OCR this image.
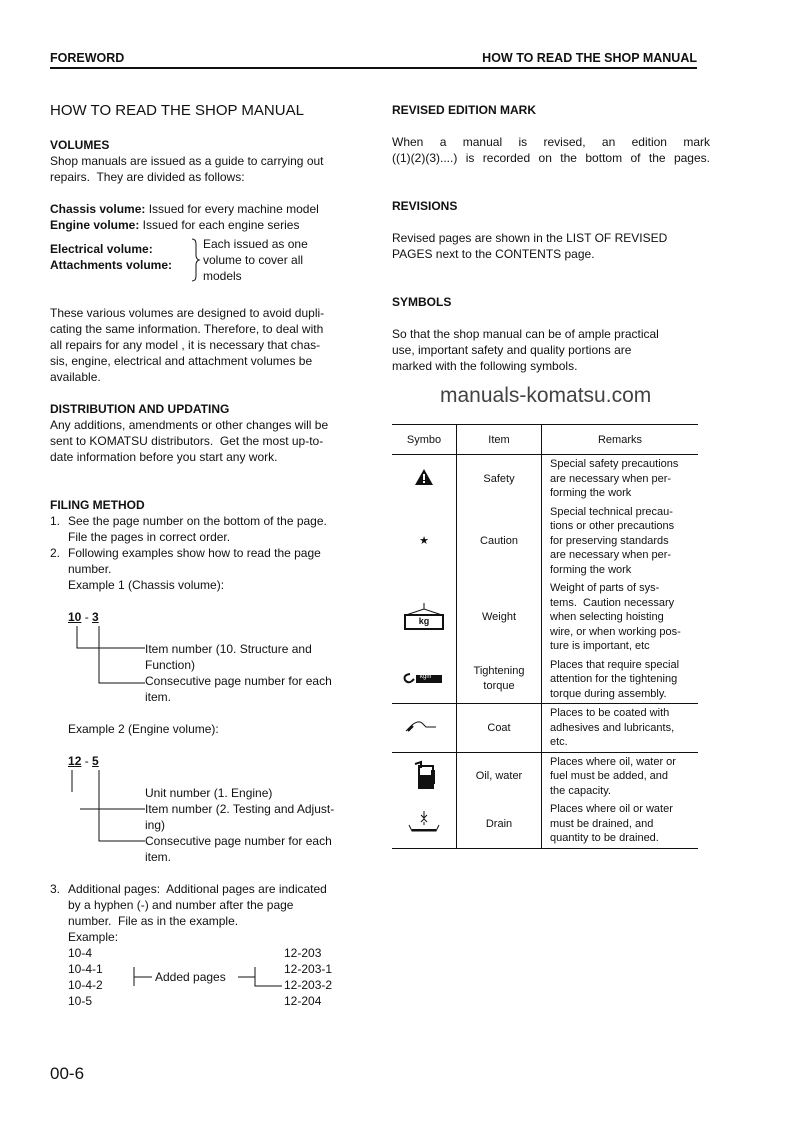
FOREWORD	HOW TO READ THE SHOP MANUAL
HOW TO READ THE SHOP MANUAL
VOLUMES
Shop manuals are issued as a guide to carrying out
repairs.  They are divided as follows:
Chassis volume: Issued for every machine model
Engine volume: Issued for each engine series
Electrical volume:
Attachments volume:
Each issued as one
volume to cover all
models
These various volumes are designed to avoid dupli-
cating the same information. Therefore, to deal with
all repairs for any model , it is necessary that chas-
sis, engine, electrical and attachment volumes be
available.
DISTRIBUTION AND UPDATING
Any additions, amendments or other changes will be
sent to KOMATSU distributors.  Get the most up-to-
date information before you start any work.
manuals-komatsu.com
FILING METHOD
1. See the page number on the bottom of the page.
File the pages in correct order.
2. Following examples show how to read the page
number.
Example 1 (Chassis volume):
10 - 3
Item number (10. Structure and
Function)
Consecutive page number for each
item.
Example 2 (Engine volume):
12 - 5
Unit number (1. Engine)
Item number (2. Testing and Adjust-
ing)
Consecutive page number for each
item.
3. Additional pages:  Additional pages are indicated
by a hyphen (-) and number after the page
number.  File as in the example.
Example:
10-4
10-4-1
10-4-2
10-5
Added pages
12-203
12-203-1
12-203-2
12-204
REVISED EDITION MARK
When a manual is revised, an edition mark
((1)(2)(3)....) is recorded on the bottom of the pages.
REVISIONS
Revised pages are shown in the LIST OF REVISED
PAGES next to the CONTENTS page.
SYMBOLS
So that the shop manual can be of ample practical
use, important safety and quality portions are
marked with the following symbols.
Symbo	Item	Remarks
	Safety	Special safety precautions
are necessary when per-
forming the work
★	Caution	Special technical precau-
tions or other precautions
for preserving standards
are necessary when per-
forming the work

kg	Weight	Weight of parts of sys-
tems.  Caution necessary
when selecting hoisting
wire, or when working pos-
ture is important, etc

kgm	Tightening
torque	Places that require special
attention for the tightening
torque during assembly.
	Coat	Places to be coated with
adhesives and lubricants,
etc.
	Oil, water	Places where oil, water or
fuel must be added, and
the capacity.
	Drain	Places where oil or water
must be drained, and
quantity to be drained.
00-6
